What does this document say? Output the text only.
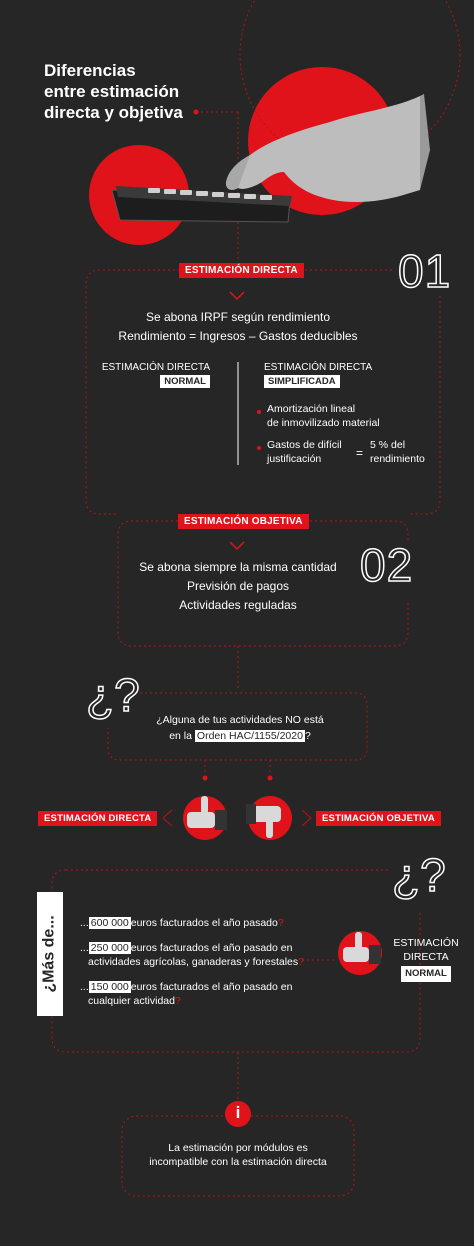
Diferencias
entre estimación
directa y objetiva
01
ESTIMACIÓN DIRECTA
Se abona IRPF según rendimiento
Rendimiento = Ingresos – Gastos deducibles
ESTIMACIÓN DIRECTA
NORMAL
ESTIMACIÓN DIRECTA
SIMPLIFICADA
Amortización lineal
de inmovilizado material
Gastos de difícil
justificación	=
5 % del
rendimiento
ESTIMACIÓN OBJETIVA
02
Se abona siempre la misma cantidad
Previsión de pagos
Actividades reguladas
¿?	¿Alguna de tus actividades NO está
en la Orden HAC/1155/2020 ?
ESTIMACIÓN DIRECTA	ESTIMACIÓN OBJETIVA
¿?
¿Más de... ... 600 000 euros facturados el año pasado?
... 250 000 euros facturados el año pasado en
actividades agrícolas, ganaderas y forestales?
... 150 000 euros facturados el año pasado en
cualquier actividad?
ESTIMACIÓN
DIRECTA
NORMAL
i
La estimación por módulos es
incompatible con la estimación directa
